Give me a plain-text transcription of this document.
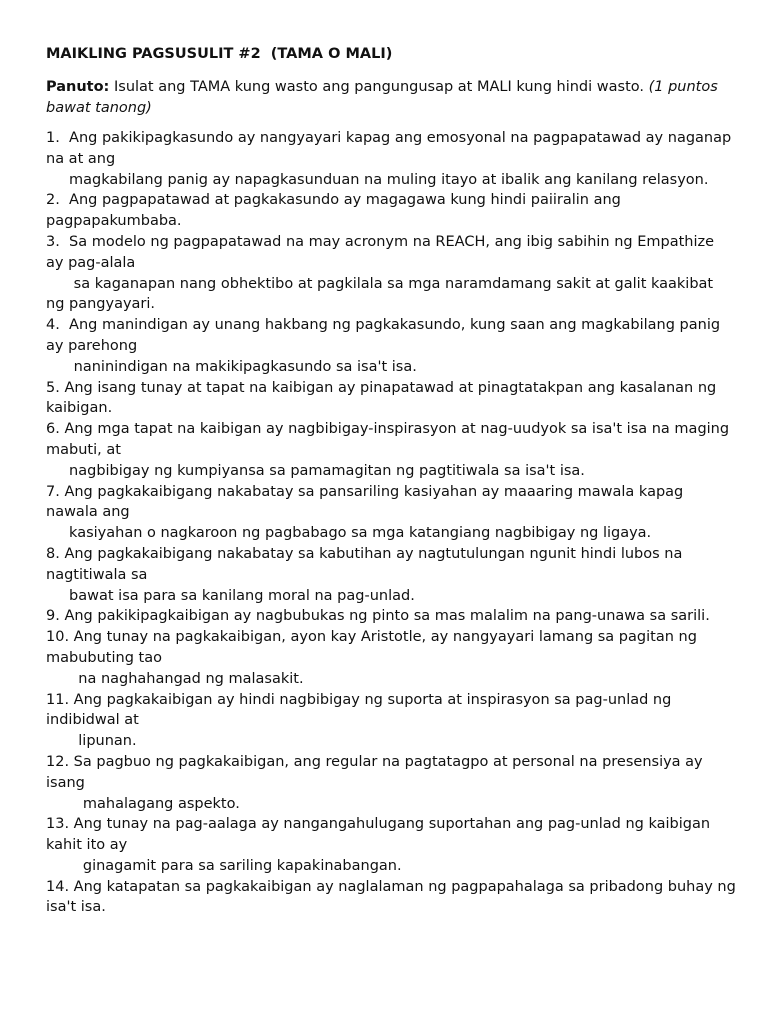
MAIKLING PAGSUSULIT #2  (TAMA O MALI)

Panuto: Isulat ang TAMA kung wasto ang pangungusap at MALI kung hindi wasto. (1 puntos bawat tanong)

1.  Ang pakikipagkasundo ay nangyayari kapag ang emosyonal na pagpapatawad ay naganap na at ang
magkabilang panig ay napagkasunduan na muling itayo at ibalik ang kanilang relasyon.
2.  Ang pagpapatawad at pagkakasundo ay magagawa kung hindi paiiralin ang pagpapakumbaba.
3.  Sa modelo ng pagpapatawad na may acronym na REACH, ang ibig sabihin ng Empathize ay pag-alala
sa kaganapan nang obhektibo at pagkilala sa mga naramdamang sakit at galit kaakibat ng pangyayari.
4.  Ang manindigan ay unang hakbang ng pagkakasundo, kung saan ang magkabilang panig ay parehong
naninindigan na makikipagkasundo sa isa't isa.
5. Ang isang tunay at tapat na kaibigan ay pinapatawad at pinagtatakpan ang kasalanan ng kaibigan.
6. Ang mga tapat na kaibigan ay nagbibigay-inspirasyon at nag-uudyok sa isa't isa na maging mabuti, at
nagbibigay ng kumpiyansa sa pamamagitan ng pagtitiwala sa isa't isa.
7. Ang pagkakaibigang nakabatay sa pansariling kasiyahan ay maaaring mawala kapag nawala ang
kasiyahan o nagkaroon ng pagbabago sa mga katangiang nagbibigay ng ligaya.
8. Ang pagkakaibigang nakabatay sa kabutihan ay nagtutulungan ngunit hindi lubos na nagtitiwala sa
bawat isa para sa kanilang moral na pag-unlad.
9. Ang pakikipagkaibigan ay nagbubukas ng pinto sa mas malalim na pang-unawa sa sarili.
10. Ang tunay na pagkakaibigan, ayon kay Aristotle, ay nangyayari lamang sa pagitan ng mabubuting tao
na naghahangad ng malasakit.
11. Ang pagkakaibigan ay hindi nagbibigay ng suporta at inspirasyon sa pag-unlad ng indibidwal at
lipunan.
12. Sa pagbuo ng pagkakaibigan, ang regular na pagtatagpo at personal na presensiya ay isang
mahalagang aspekto.
13. Ang tunay na pag-aalaga ay nangangahulugang suportahan ang pag-unlad ng kaibigan kahit ito ay
ginagamit para sa sariling kapakinabangan.
14. Ang katapatan sa pagkakaibigan ay naglalaman ng pagpapahalaga sa pribadong buhay ng isa't isa.
